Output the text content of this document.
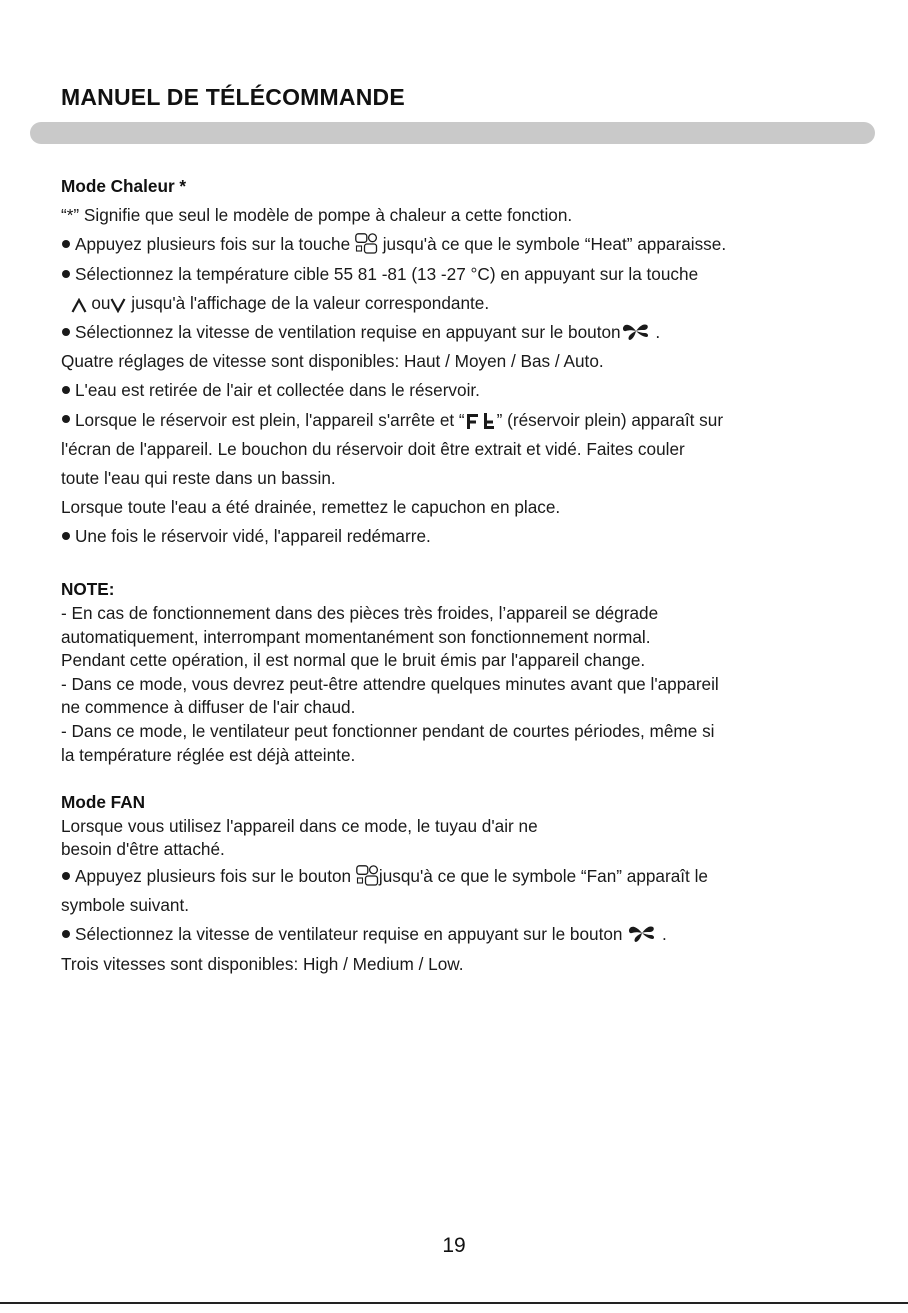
MANUEL DE TÉLÉCOMMANDE
Mode Chaleur *
“*” Signifie que seul le modèle de pompe à chaleur a cette fonction.
Appuyez plusieurs fois sur la touche
jusqu'à ce que le symbole “Heat” apparaisse.
Sélectionnez la température cible 55 81 -81 (13 -27 °C) en appuyant sur la touche

ou
jusqu'à l'affichage de la valeur correspondante.
Sélectionnez la vitesse de ventilation requise en appuyant sur le bouton
.
Quatre réglages de vitesse sont disponibles: Haut / Moyen / Bas / Auto.
L'eau est retirée de l'air et collectée dans le réservoir.
Lorsque le réservoir est plein, l'appareil s'arrête et “ ” (réservoir plein) apparaît sur
l'écran de l'appareil. Le bouchon du réservoir doit être extrait et vidé. Faites couler
toute l'eau qui reste dans un bassin.
Lorsque toute l'eau a été drainée, remettez le capuchon en place.
Une fois le réservoir vidé, l'appareil redémarre.
NOTE:
- En cas de fonctionnement dans des pièces très froides, l’appareil se dégrade
automatiquement, interrompant momentanément son fonctionnement normal.
Pendant cette opération, il est normal que le bruit émis par l'appareil change.
- Dans ce mode, vous devrez peut-être attendre quelques minutes avant que l'appareil
ne commence à diffuser de l'air chaud.
- Dans ce mode, le ventilateur peut fonctionner pendant de courtes périodes, même si
la température réglée est déjà atteinte.
Mode FAN
Lorsque vous utilisez l'appareil dans ce mode, le tuyau d'air ne
besoin d'être attaché.
Appuyez plusieurs fois sur le bouton
jusqu'à ce que le symbole “Fan” apparaît le
symbole suivant.
Sélectionnez la vitesse de ventilateur requise en appuyant sur le bouton
.
Trois vitesses sont disponibles: High / Medium / Low.
19
